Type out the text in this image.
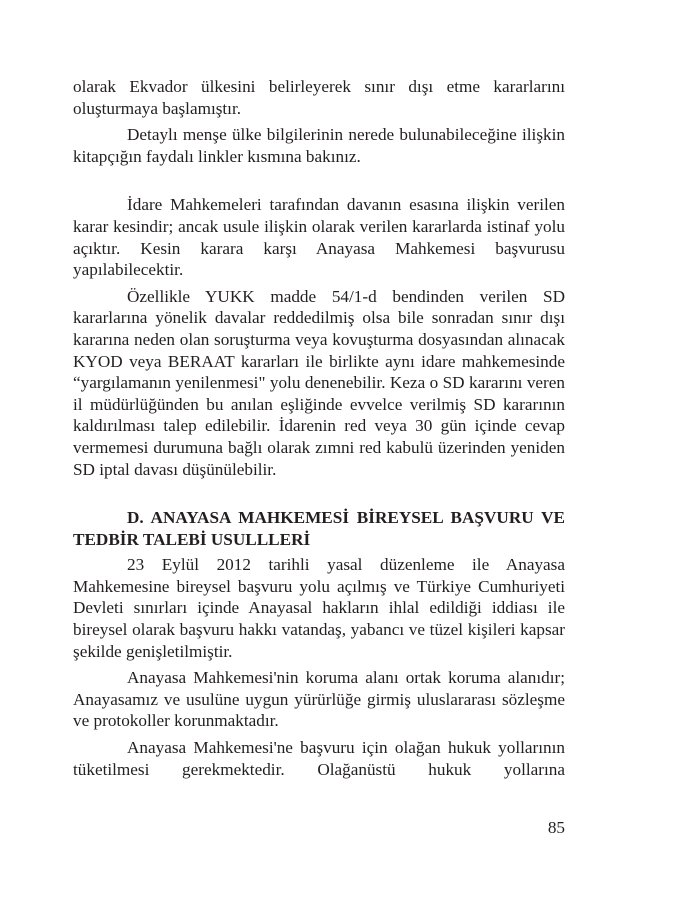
olarak Ekvador ülkesini belirleyerek sınır dışı etme kararlarını oluşturmaya başlamıştır.

Detaylı menşe ülke bilgilerinin nerede bulunabileceğine ilişkin kitapçığın faydalı linkler kısmına bakınız.

İdare Mahkemeleri tarafından davanın esasına ilişkin verilen karar kesindir; ancak usule ilişkin olarak verilen kararlarda istinaf yolu açıktır. Kesin karara karşı Anayasa Mahkemesi başvurusu yapılabilecektir.

Özellikle YUKK madde 54/1-d bendinden verilen SD kararlarına yönelik davalar reddedilmiş olsa bile sonradan sınır dışı kararına neden olan soruşturma veya kovuşturma dosyasından alınacak KYOD veya BERAAT kararları ile birlikte aynı idare mahkemesinde “yargılamanın yenilenmesi" yolu denenebilir. Keza o SD kararını veren il müdürlüğünden bu anılan eşliğinde evvelce verilmiş SD kararının kaldırılması talep edilebilir. İdarenin red veya 30 gün içinde cevap vermemesi durumuna bağlı olarak zımni red kabulü üzerinden yeniden SD iptal davası düşünülebilir.

D. ANAYASA MAHKEMESİ BİREYSEL BAŞVURU VE TEDBİR TALEBİ USULLLERİ

23 Eylül 2012 tarihli yasal düzenleme ile Anayasa Mahkemesine bireysel başvuru yolu açılmış ve Türkiye Cumhuriyeti Devleti sınırları içinde Anayasal hakların ihlal edildiği iddiası ile bireysel olarak başvuru hakkı vatandaş, yabancı ve tüzel kişileri kapsar şekilde genişletilmiştir.

Anayasa Mahkemesi'nin koruma alanı ortak koruma alanıdır; Anayasamız ve usulüne uygun yürürlüğe girmiş uluslararası sözleşme ve protokoller korunmaktadır.

Anayasa Mahkemesi'ne başvuru için olağan hukuk yollarının tüketilmesi gerekmektedir. Olağanüstü hukuk yollarına

85
